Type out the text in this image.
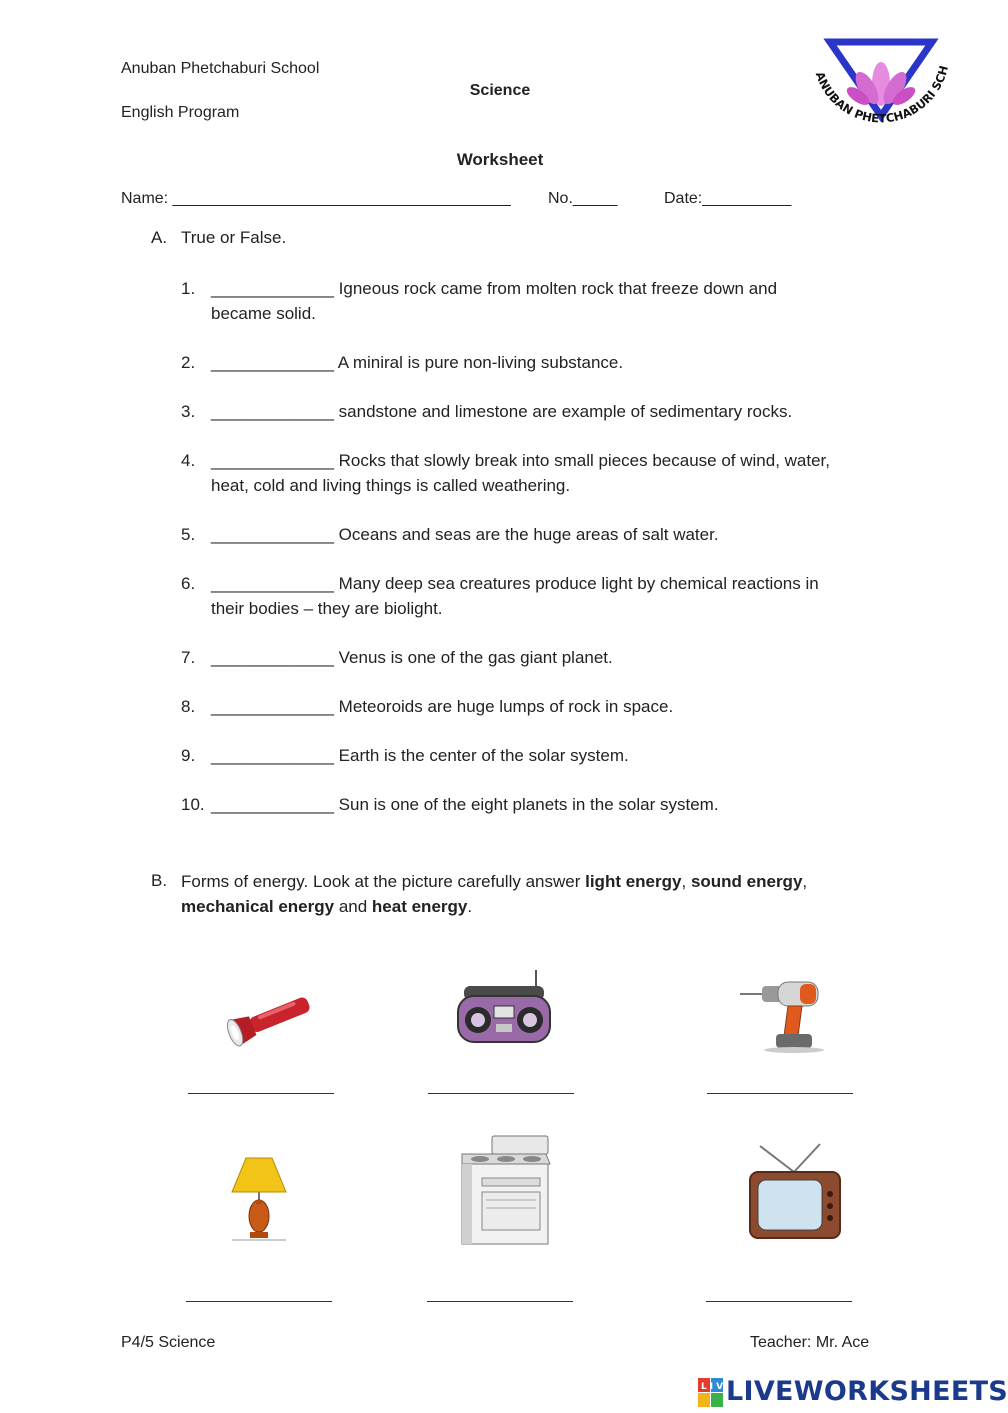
Anuban Phetchaburi School
English Program
Science
Worksheet
ANUBAN PHETCHABURI SCH
Name: ______________________________________ No._____	Date:__________
A. True or False.
1. _____________ Igneous rock came from molten rock that freeze down and
became solid.
2. _____________ A miniral is pure non-living substance.
3. _____________ sandstone and limestone are example of sedimentary rocks.
4. _____________ Rocks that slowly break into small pieces because of wind, water,
heat, cold and living things is called weathering.
5. _____________ Oceans and seas are the huge areas of salt water.
6. _____________ Many deep sea creatures produce light by chemical reactions in
their bodies – they are biolight.
7. _____________ Venus is one of the gas giant planet.
8. _____________ Meteoroids are huge lumps of rock in space.
9. _____________ Earth is the center of the solar system.
10. _____________ Sun is one of the eight planets in the solar system.
B. Forms of energy. Look at the picture carefully answer light energy, sound energy,
mechanical energy and heat energy.
P4/5 Science	Teacher: Mr. Ace
LIVE
LIVEWORKSHEETS
